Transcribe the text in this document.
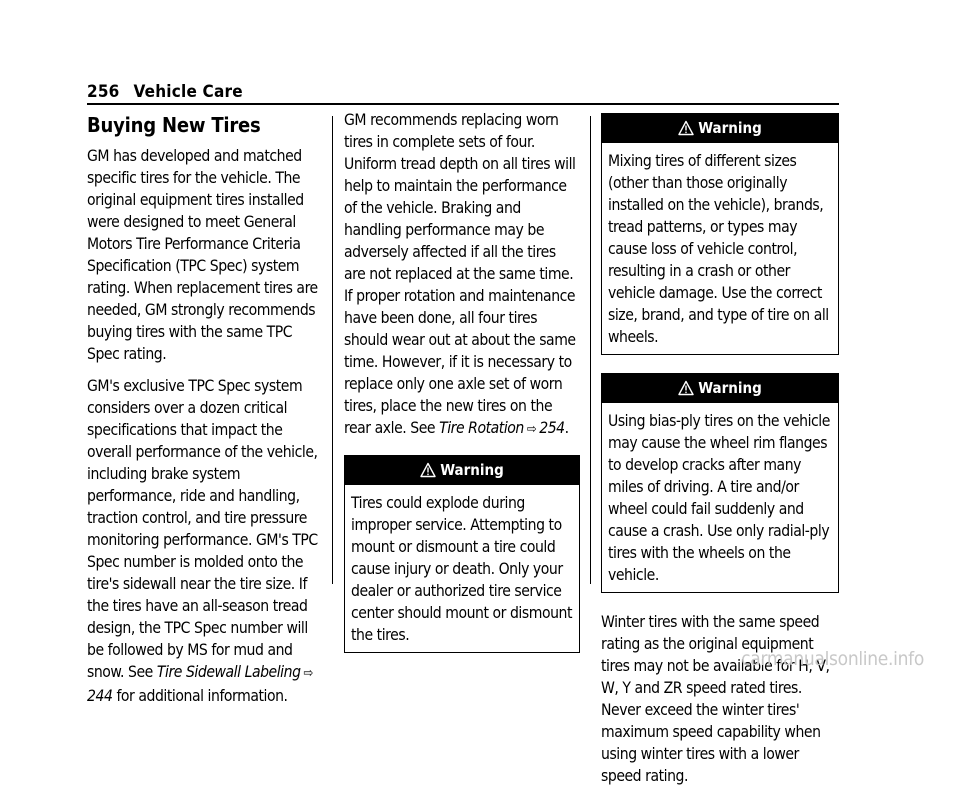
256 Vehicle Care
Buying New Tires

GM has developed and matched specific tires for the vehicle. The original equipment tires installed were designed to meet General Motors Tire Performance Criteria Specification (TPC Spec) system rating. When replacement tires are needed, GM strongly recommends buying tires with the same TPC Spec rating.

GM's exclusive TPC Spec system considers over a dozen critical specifications that impact the overall performance of the vehicle, including brake system performance, ride and handling, traction control, and tire pressure monitoring performance. GM's TPC Spec number is molded onto the tire's sidewall near the tire size. If the tires have an all-season tread design, the TPC Spec number will be followed by MS for mud and snow. See Tire Sidewall Labeling ⇨244 for additional information.

GM recommends replacing worn tires in complete sets of four. Uniform tread depth on all tires will help to maintain the performance of the vehicle. Braking and handling performance may be adversely affected if all the tires are not replaced at the same time. If proper rotation and maintenance have been done, all four tires should wear out at about the same time. However, if it is necessary to replace only one axle set of worn tires, place the new tires on the rear axle. See Tire Rotation ⇨ 254.

Warning
Tires could explode during improper service. Attempting to mount or dismount a tire could cause injury or death. Only your dealer or authorized tire service center should mount or dismount the tires.
Warning
Mixing tires of different sizes (other than those originally installed on the vehicle), brands, tread patterns, or types may cause loss of vehicle control, resulting in a crash or other vehicle damage. Use the correct size, brand, and type of tire on all wheels.
Warning
Using bias-ply tires on the vehicle may cause the wheel rim flanges to develop cracks after many miles of driving. A tire and/or wheel could fail suddenly and cause a crash. Use only radial-ply tires with the wheels on the vehicle.

Winter tires with the same speed rating as the original equipment tires may not be available for H, V, W, Y and ZR speed rated tires. Never exceed the winter tires' maximum speed capability when using winter tires with a lower speed rating.

carmanualsonline.info
